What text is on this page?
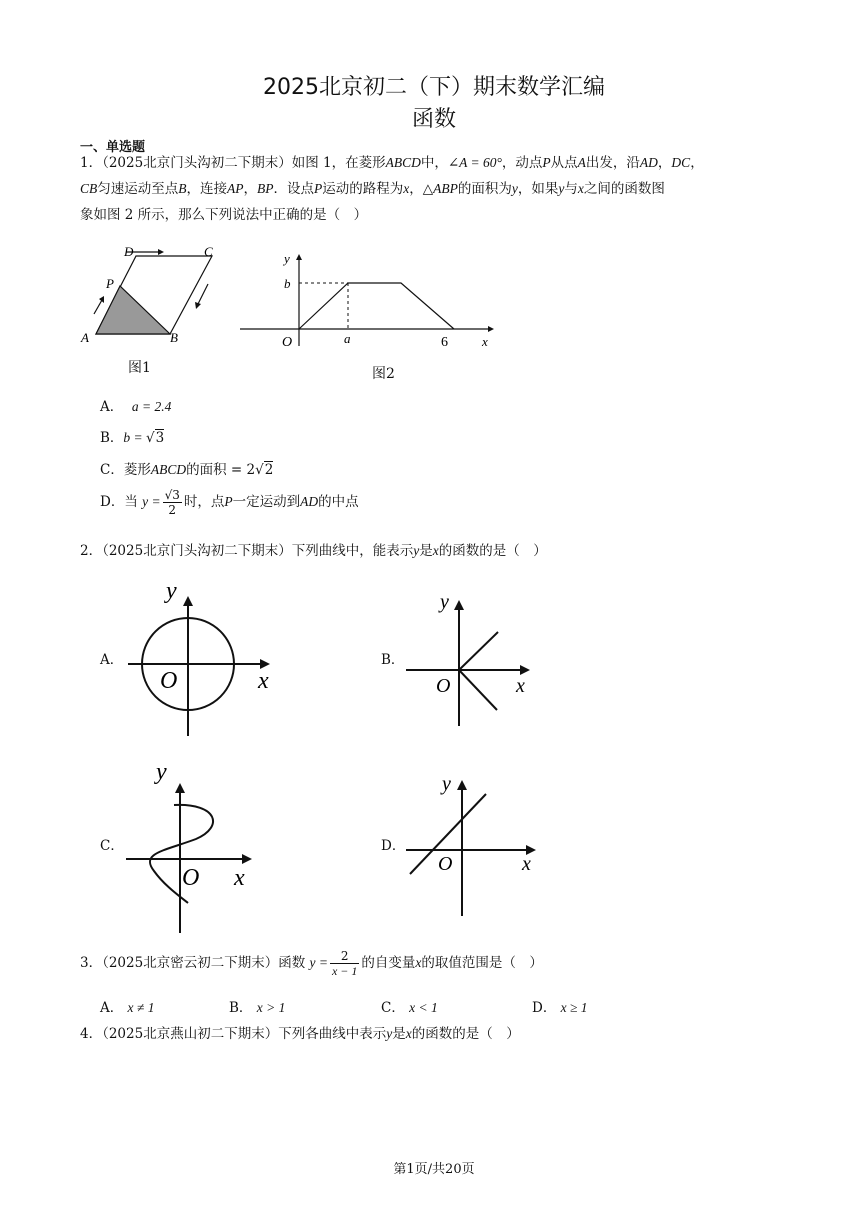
2025北京初二（下）期末数学汇编
函数
一、单选题
1．（2025北京门头沟初二下期末）如图 1，在菱形ABCD中，∠A = 60°，动点P从点A出发，沿AD，DC，
CB匀速运动至点B，连接AP，BP．设点P运动的路程为x，△ABP的面积为y，如果y与x之间的函数图
象如图 2 所示，那么下列说法中正确的是（　）
D	C
P
A	B
图1
y
b
O	a	6	x
图2
A． a = 2.4
B．b = √3
C．菱形ABCD的面积 = 2√2
D．当 $y = \frac{√3}{2}$ 时，点P一定运动到AD的中点
2．（2025北京门头沟初二下期末）下列曲线中，能表示y是x的函数的是（　）
A．
y
O	x
B．
y
O	x
C．
y
O x
D．
y
O	x
3．（2025北京密云初二下期末）函数 $y = \frac{2}{x - 1}$ 的自变量x的取值范围是（　）
A． x ≠ 1	B． x > 1	C． x < 1	D． x ≥ 1
4．（2025北京燕山初二下期末）下列各曲线中表示y是x的函数的是（　）
第1页/共20页
